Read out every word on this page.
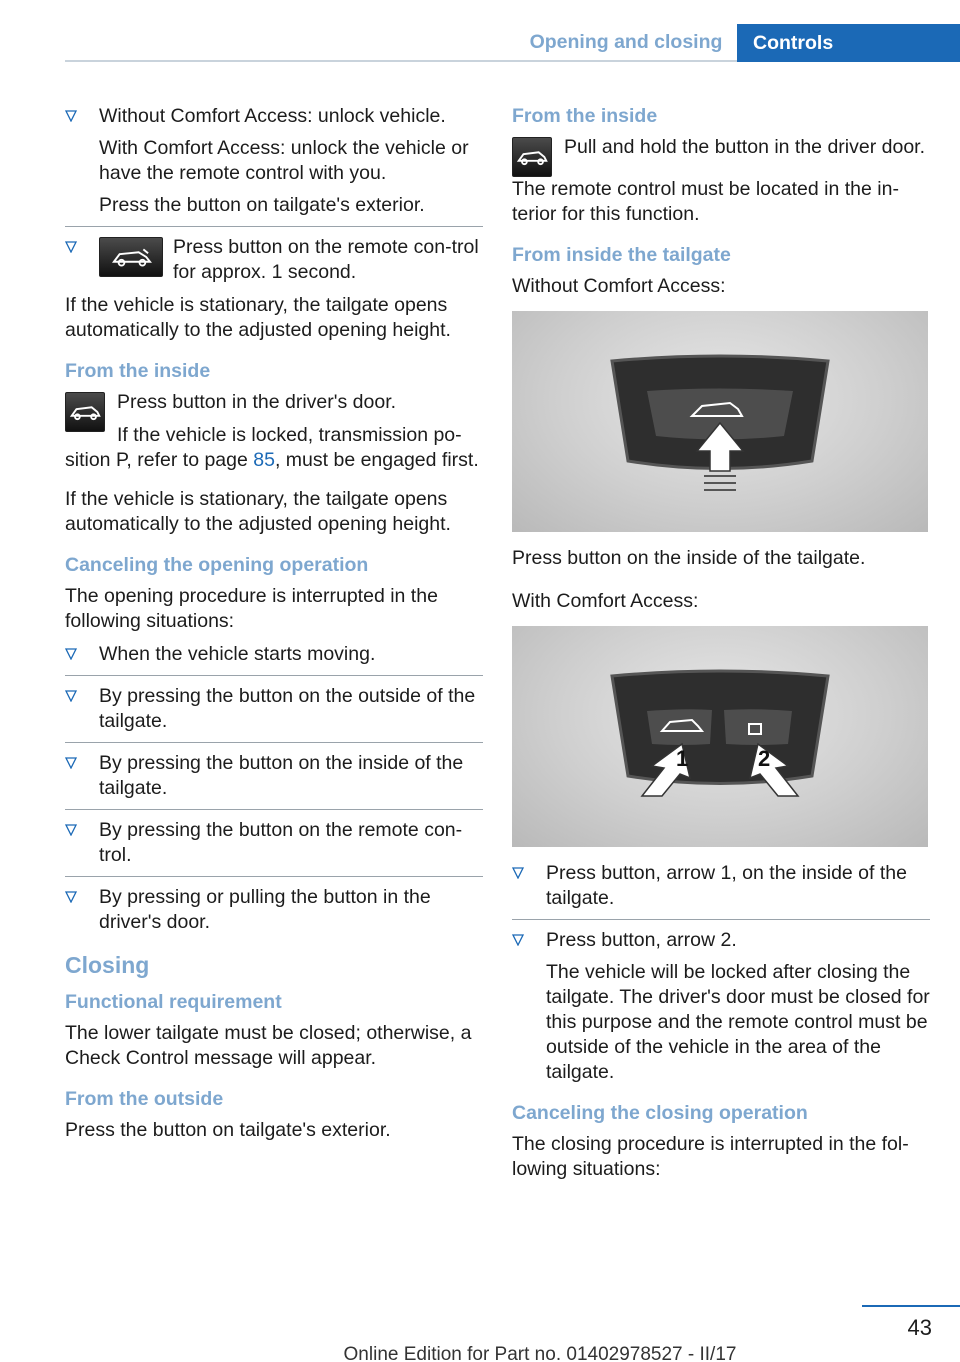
Opening and closing	Controls

Without Comfort Access: unlock vehicle.

With Comfort Access: unlock the vehicle or have the remote control with you.

Press the button on tailgate's exterior.

Press button on the remote con-trol for approx. 1 second.

If the vehicle is stationary, the tailgate opens automatically to the adjusted opening height.

From the inside

Press button in the driver's door.

If the vehicle is locked, transmission po-sition P, refer to page 85, must be engaged first.

If the vehicle is stationary, the tailgate opens automatically to the adjusted opening height.

Canceling the opening operation

The opening procedure is interrupted in the following situations:

When the vehicle starts moving.

By pressing the button on the outside of the tailgate.

By pressing the button on the inside of the tailgate.

By pressing the button on the remote con-trol.

By pressing or pulling the button in the driver's door.

Closing
Functional requirement

The lower tailgate must be closed; otherwise, a Check Control message will appear.

From the outside

Press the button on tailgate's exterior.

From the inside

Pull and hold the button in the driver door.

The remote control must be located in the in-terior for this function.

From inside the tailgate

Without Comfort Access:

Press button on the inside of the tailgate.

With Comfort Access:

1	2

Press button, arrow 1, on the inside of the tailgate.

Press button, arrow 2.

The vehicle will be locked after closing the tailgate. The driver's door must be closed for this purpose and the remote control must be outside of the vehicle in the area of the tailgate.

Canceling the closing operation

The closing procedure is interrupted in the fol-lowing situations:

43
Online Edition for Part no. 01402978527 - II/17
